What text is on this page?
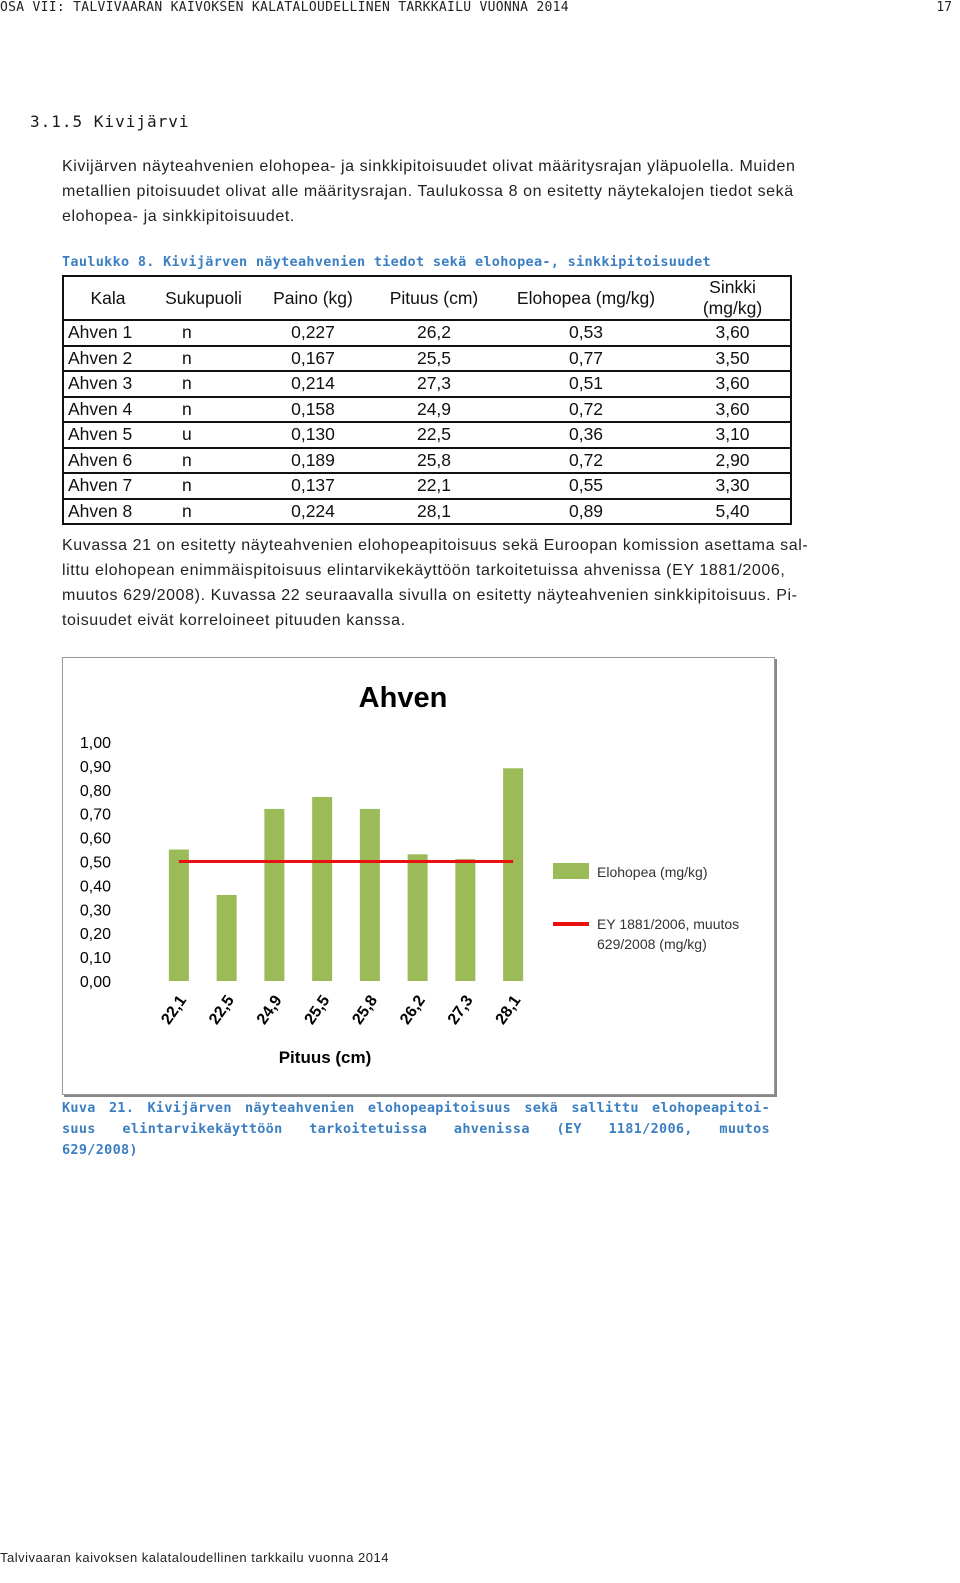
OSA VII: TALVIVAARAN KAIVOKSEN KALATALOUDELLINEN TARKKAILU VUONNA 2014	17
3.1.5 Kivijärvi
Kivijärven näyteahvenien elohopea- ja sinkkipitoisuudet olivat määritysrajan yläpuolella. Muiden
metallien pitoisuudet olivat alle määritysrajan. Taulukossa 8 on esitetty näytekalojen tiedot sekä
elohopea- ja sinkkipitoisuudet.
Taulukko 8. Kivijärven näyteahvenien tiedot sekä elohopea-, sinkkipitoisuudet
Kala	Sukupuoli	Paino (kg)	Pituus (cm)	Elohopea (mg/kg)	Sinkki (mg/kg)
Ahven 1	n	0,227	26,2	0,53	3,60
Ahven 2	n	0,167	25,5	0,77	3,50
Ahven 3	n	0,214	27,3	0,51	3,60
Ahven 4	n	0,158	24,9	0,72	3,60
Ahven 5	u	0,130	22,5	0,36	3,10
Ahven 6	n	0,189	25,8	0,72	2,90
Ahven 7	n	0,137	22,1	0,55	3,30
Ahven 8	n	0,224	28,1	0,89	5,40
Kuvassa 21 on esitetty näyteahvenien elohopeapitoisuus sekä Euroopan komission asettama sal-
littu elohopean enimmäispitoisuus elintarvikekäyttöön tarkoitetuissa ahvenissa (EY 1881/2006,
muutos 629/2008). Kuvassa 22 seuraavalla sivulla on esitetty näyteahvenien sinkkipitoisuus. Pi-
toisuudet eivät korreloineet pituuden kanssa.
Ahven
Pituus (cm)
1,00
0,90
0,80
0,70
0,60
0,50
0,40
0,30
0,20
0,10
0,00
22,1 22,5 24,9 25,5 25,8 26,2 27,3 28,1
Elohopea (mg/kg)
EY 1881/2006, muutos
629/2008 (mg/kg)
Kuva 21. Kivijärven näyteahvenien elohopeapitoisuus sekä sallittu elohopeapitoi-
suus elintarvikekäyttöön tarkoitetuissa ahvenissa (EY 1181/2006, muutos
629/2008)
Talvivaaran kaivoksen kalataloudellinen tarkkailu vuonna 2014
